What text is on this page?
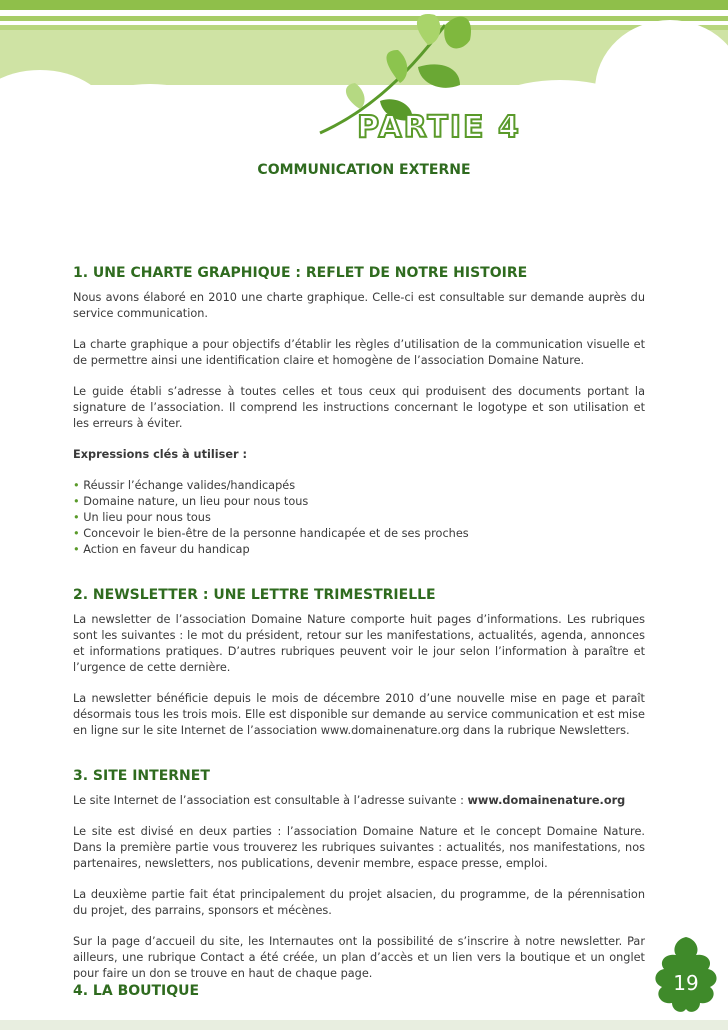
PARTIE 4
COMMUNICATION EXTERNE
1. UNE CHARTE GRAPHIQUE : REFLET DE NOTRE HISTOIRE

Nous avons élaboré en 2010 une charte graphique. Celle-ci est consultable sur demande auprès du service communication.

La charte graphique a pour objectifs d’établir les règles d’utilisation de la communication visuelle et de permettre ainsi une identification claire et homogène de l’association Domaine Nature.

Le guide établi s’adresse à toutes celles et tous ceux qui produisent des documents portant la signature de l’association. Il comprend les instructions concernant le logotype et son utilisation et les erreurs à éviter.

Expressions clés à utiliser :
• Réussir l’échange valides/handicapés
• Domaine nature, un lieu pour nous tous
• Un lieu pour nous tous
• Concevoir le bien-être de la personne handicapée et de ses proches
• Action en faveur du handicap
2. NEWSLETTER : UNE LETTRE TRIMESTRIELLE

La newsletter de l’association Domaine Nature comporte huit pages d’informations. Les rubriques sont les suivantes : le mot du président, retour sur les manifestations, actualités, agenda, annonces et informations pratiques. D’autres rubriques peuvent voir le jour selon l’information à paraître et l’urgence de cette dernière.

La newsletter bénéficie depuis le mois de décembre 2010 d’une nouvelle mise en page et paraît désormais tous les trois mois. Elle est disponible sur demande au service communication et est mise en ligne sur le site Internet de l’association www.domainenature.org dans la rubrique Newsletters.

3. SITE INTERNET

Le site Internet de l’association est consultable à l’adresse suivante : www.domainenature.org

Le site est divisé en deux parties : l’association Domaine Nature et le concept Domaine Nature. Dans la première partie vous trouverez les rubriques suivantes : actualités, nos manifestations, nos partenaires, newsletters, nos publications, devenir membre, espace presse, emploi.

La deuxième partie fait état principalement du projet alsacien, du programme, de la pérennisation du projet, des parrains, sponsors et mécènes.

Sur la page d’accueil du site, les Internautes ont la possibilité de s’inscrire à notre newsletter. Par ailleurs, une rubrique Contact a été créée, un plan d’accès et un lien vers la boutique et un onglet pour faire un don se trouve en haut de chaque page.

4. LA BOUTIQUE	19
